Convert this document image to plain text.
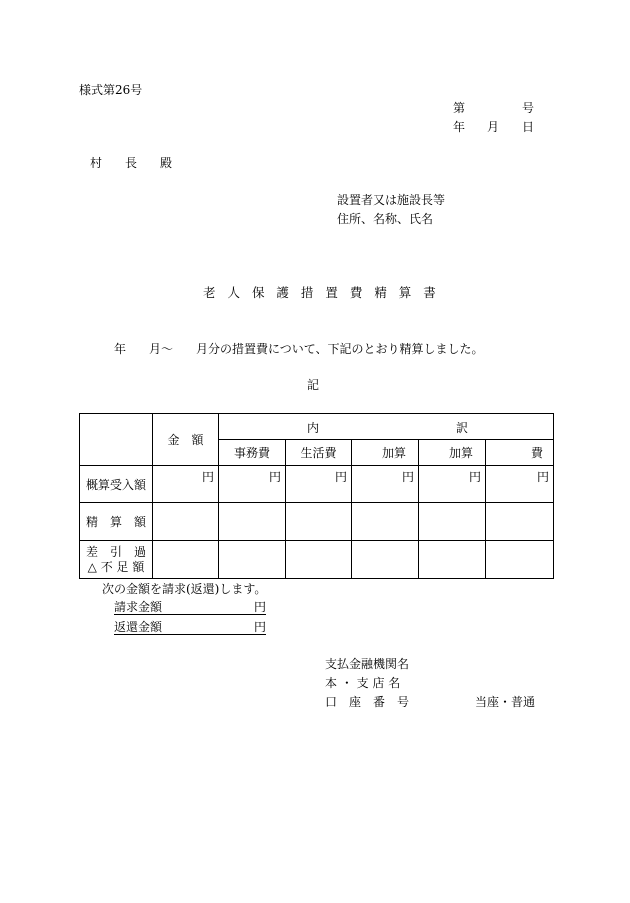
様式第26号
第	号
年 月 日
村 長 殿
設置者又は施設長等
住所、名称、氏名
老 人 保 護 措 置 費 精 算 書
年 月～ 月分の措置費について、下記のとおり精算しました。
記
	金　額	内 訳				

		事務費	生活費	加算	加算	費
概算受入額	円	円	円	円	円	円
精　算　額						

差　引　過
△ 不 足 額						

次の金額を請求(返還)します。
請求金額	円
返還金額	円
支払金融機関名
本 ・ 支 店 名
口　座　番　号	当座・普通
